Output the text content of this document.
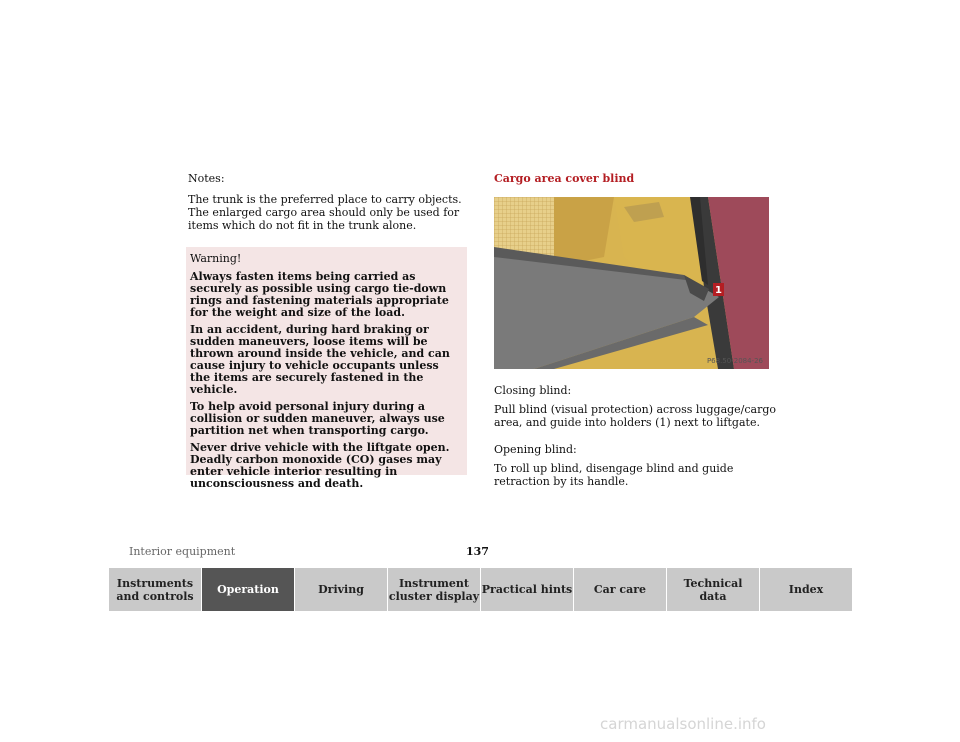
Notes:

The trunk is the preferred place to carry objects. The enlarged cargo area should only be used for items which do not fit in the trunk alone.

Warning!

Always fasten items being carried as securely as possible using cargo tie-down rings and fastening materials appropriate for the weight and size of the load.

In an accident, during hard braking or sudden maneuvers, loose items will be thrown around inside the vehicle, and can cause injury to vehicle occupants unless the items are securely fastened in the vehicle.

To help avoid personal injury during a collision or sudden maneuver, always use partition net when transporting cargo.

Never drive vehicle with the liftgate open. Deadly carbon monoxide (CO) gases may enter vehicle interior resulting in unconsciousness and death.

Cargo area cover blind

1
P68.50-2084-26

Closing blind:

Pull blind (visual protection) across luggage/cargo area, and guide into holders (1) next to liftgate.

Opening blind:

To roll up blind, disengage blind and guide retraction by its handle.

Interior equipment	137
Instruments
and controls	Operation	Driving	Instrument
cluster display Practical hints	Car care	Technical
data	Index
carmanualsonline.info
